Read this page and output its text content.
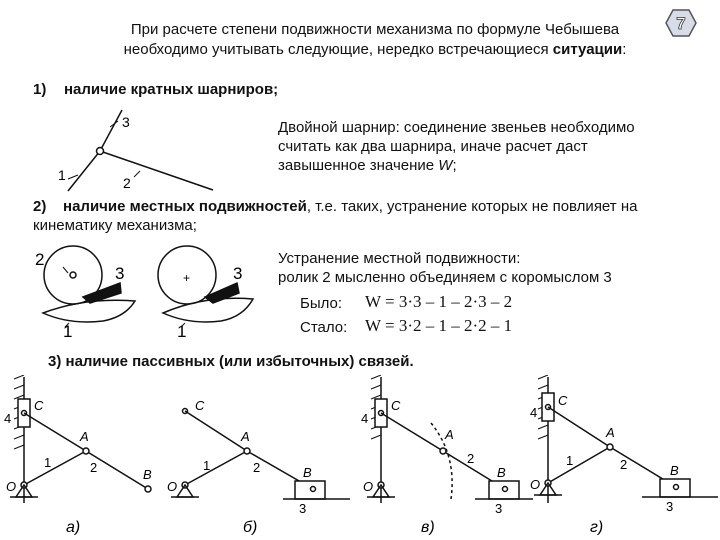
При расчете степени подвижности механизма по формуле Чебышева
необходимо учитывать следующие, нередко встречающиеся ситуации:
7
1) наличие кратных шарниров;
3
1	2
Двойной шарнир: соединение звеньев необходимо
считать как два шарнира, иначе расчет даст
завышенное значение W;
2) наличие местных подвижностей, т.е. таких, устранение которых не повлияет на
кинематику механизма;
2
3
1
+	3
1
Устранение местной подвижности:
ролик 2 мысленно объединяем с коромыслом 3
Было: W = 3·3 – 1 – 2·3 – 2
Стало: W = 3·2 – 1 – 2·2 – 1
3) наличие пассивных (или избыточных) связей.
C
4
A
1	2	B
O
а)
C
A
1	2	B
O
3
б)
C
4
A
2
B
O
3
в)
C
4
A
1	2	B
O
3
г)
